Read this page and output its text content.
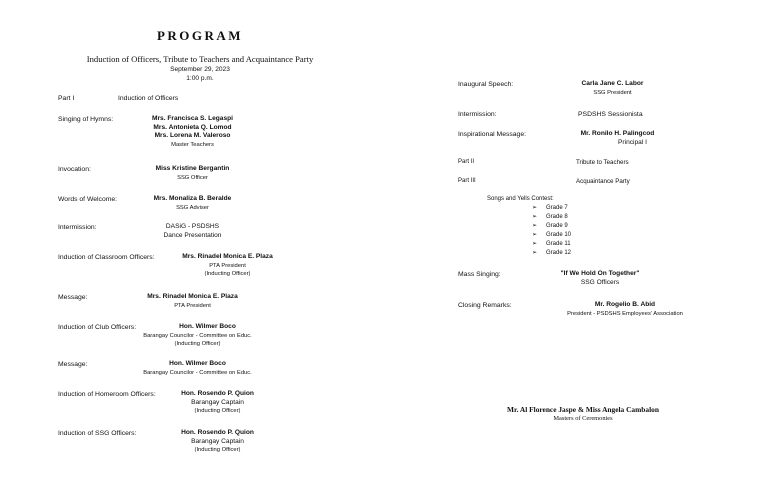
PROGRAM
Induction of Officers, Tribute to Teachers and Acquaintance Party
September 29, 2023
1:00 p.m.
Part I	Induction of Officers
Singing of Hymns:	Mrs. Francisca S. Legaspi
Mrs. Antonieta Q. Lomod
Mrs. Lorena M. Valeroso
Master Teachers
Invocation:	Miss Kristine Bergantin
SSG Officer
Words of Welcome:	Mrs. Monaliza B. Beralde
SSG Adviser
Intermission:	DASiG - PSDSHS
Dance Presentation
Induction of Classroom Officers:	Mrs. Rinadel Monica E. Plaza
PTA President
(Inducting Officer)
Message:	Mrs. Rinadel Monica E. Plaza
PTA President
Induction of Club Officers:	Hon. Wilmer Boco
Barangay Councilor - Committee on Educ.
(Inducting Officer)
Message:	Hon. Wilmer Boco
Barangay Councilor - Committee on Educ.
Induction of Homeroom Officers:	Hon. Rosendo P. Quion
Barangay Captain
(Inducting Officer)
Induction of SSG Officers:	Hon. Rosendo P. Quion
Barangay Captain
(Inducting Officer)
Inaugural Speech:	Carla Jane C. Labor
SSG President
Intermission:	PSDSHS Sessionista
Inspirational Message:	Mr. Ronilo H. Palingcod
Principal I
Part II	Tribute to Teachers
Part III	Acquaintance Party
Songs and Yells Contest:
➢ Grade 7
➢ Grade 8
➢ Grade 9
➢ Grade 10
➢ Grade 11
➢ Grade 12
Mass Singing:	"If We Hold On Together"
SSG Officers
Closing Remarks:	Mr. Rogelio B. Abid
President - PSDSHS Employees' Association
Mr. Al Florence Jaspe & Miss Angela Cambalon
Masters of Ceremonies
